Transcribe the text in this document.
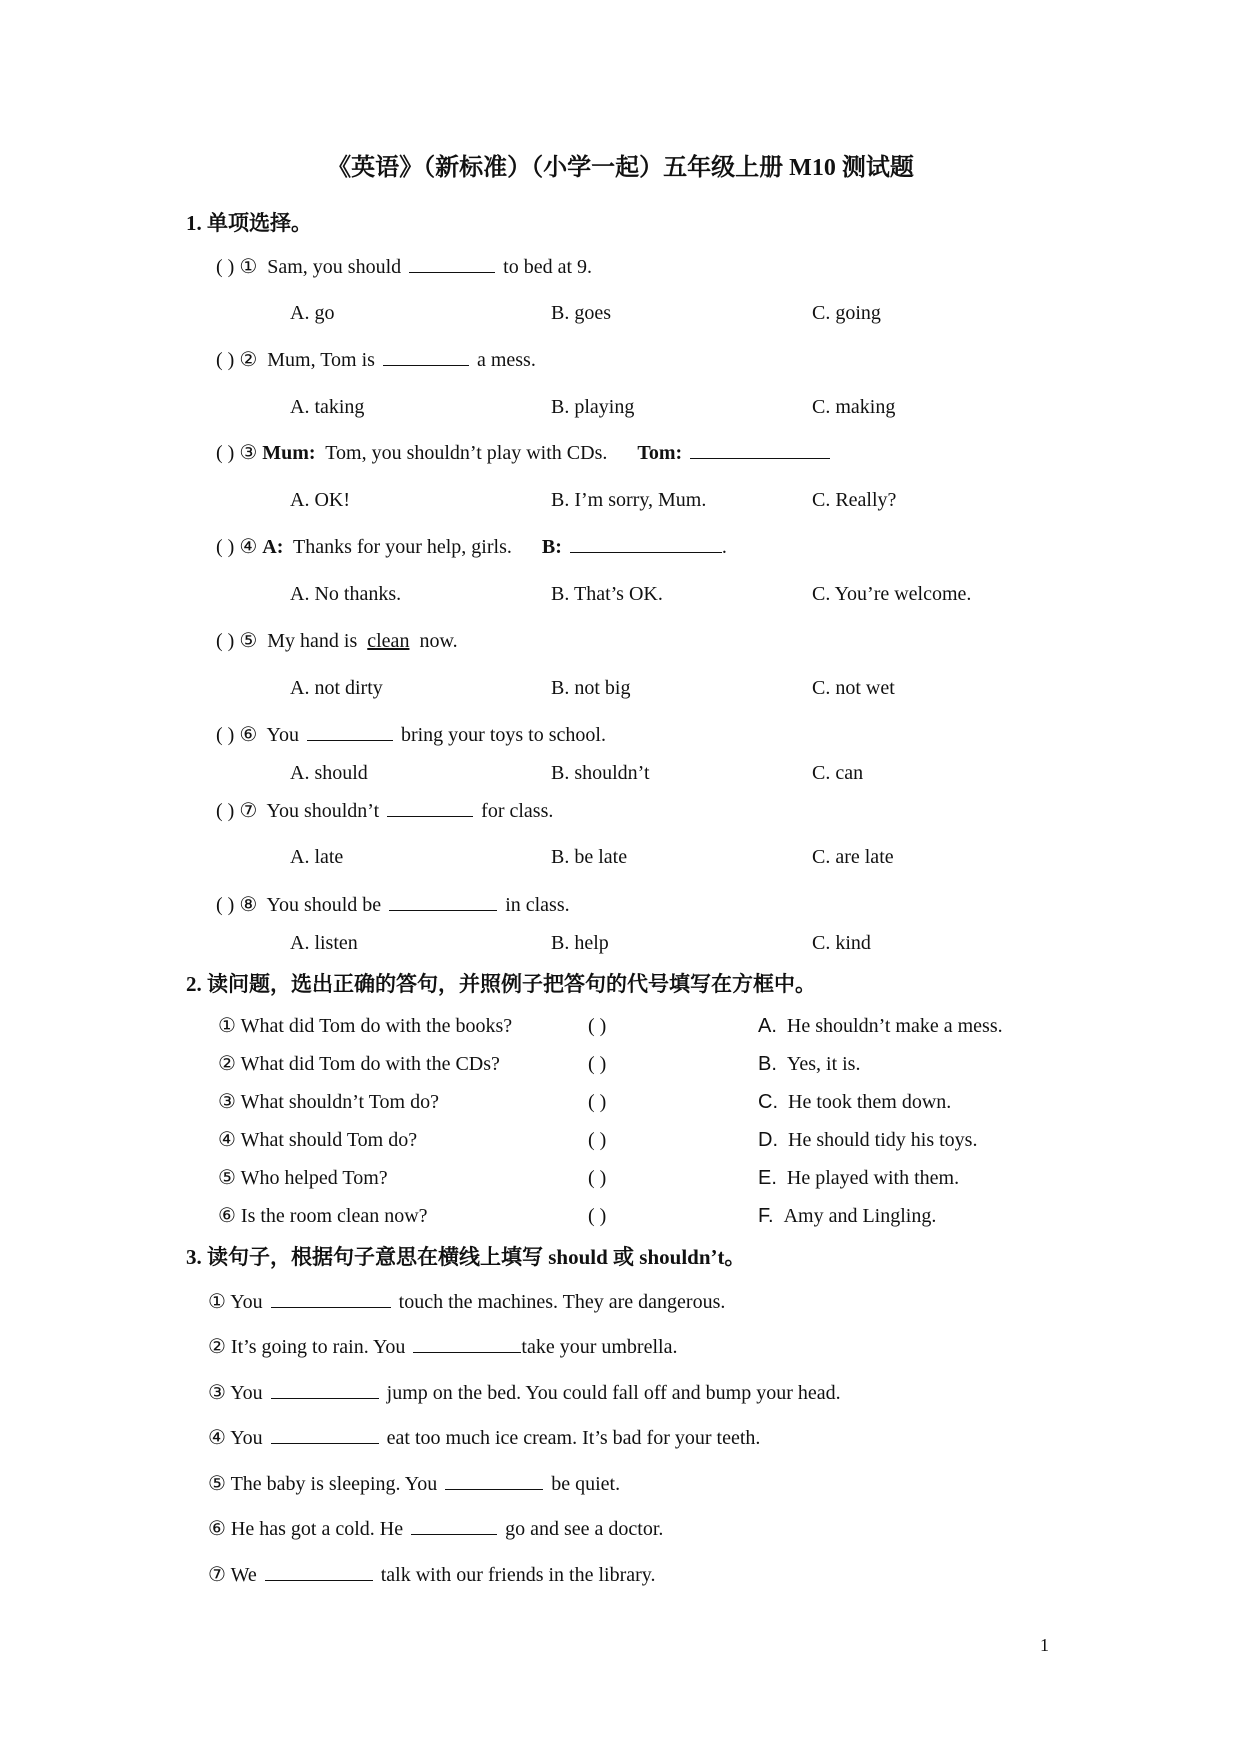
《英语》（新标准）（小学一起）五年级上册 M10 测试题
1. 单项选择。
( ) ① Sam, you should	to bed at 9.
A. go	B. goes	C. going
( ) ② Mum, Tom is	a mess.
A. taking	B. playing	C. making
( ) ③ Mum: Tom, you shouldn’t play with CDs. Tom:
A. OK!	B. I’m sorry, Mum.	C. Really?
( ) ④ A: Thanks for your help, girls. B:	.
A. No thanks.	B. That’s OK.	C. You’re welcome.
( ) ⑤ My hand is clean now.
A. not dirty	B. not big	C. not wet
( ) ⑥ You	bring your toys to school.
A. should	B. shouldn’t	C. can
( ) ⑦ You shouldn’t	for class.
A. late	B. be late	C. are late
( ) ⑧ You should be	in class.
A. listen	B. help	C. kind
2. 读问题，选出正确的答句，并照例子把答句的代号填写在方框中。
① What did Tom do with the books?	( )	A. He shouldn’t make a mess.
② What did Tom do with the CDs?	( )	B. Yes, it is.
③ What shouldn’t Tom do?	( )	C. He took them down.
④ What should Tom do?	( )	D. He should tidy his toys.
⑤ Who helped Tom?	( )	E. He played with them.
⑥ Is the room clean now?	( )	F. Amy and Lingling.
3. 读句子，根据句子意思在横线上填写 should 或 shouldn’t。
① You	touch the machines. They are dangerous.
② It’s going to rain. You	take your umbrella.
③ You	jump on the bed. You could fall off and bump your head.
④ You	eat too much ice cream. It’s bad for your teeth.
⑤ The baby is sleeping. You	be quiet.
⑥ He has got a cold. He	go and see a doctor.
⑦ We	talk with our friends in the library.
1
